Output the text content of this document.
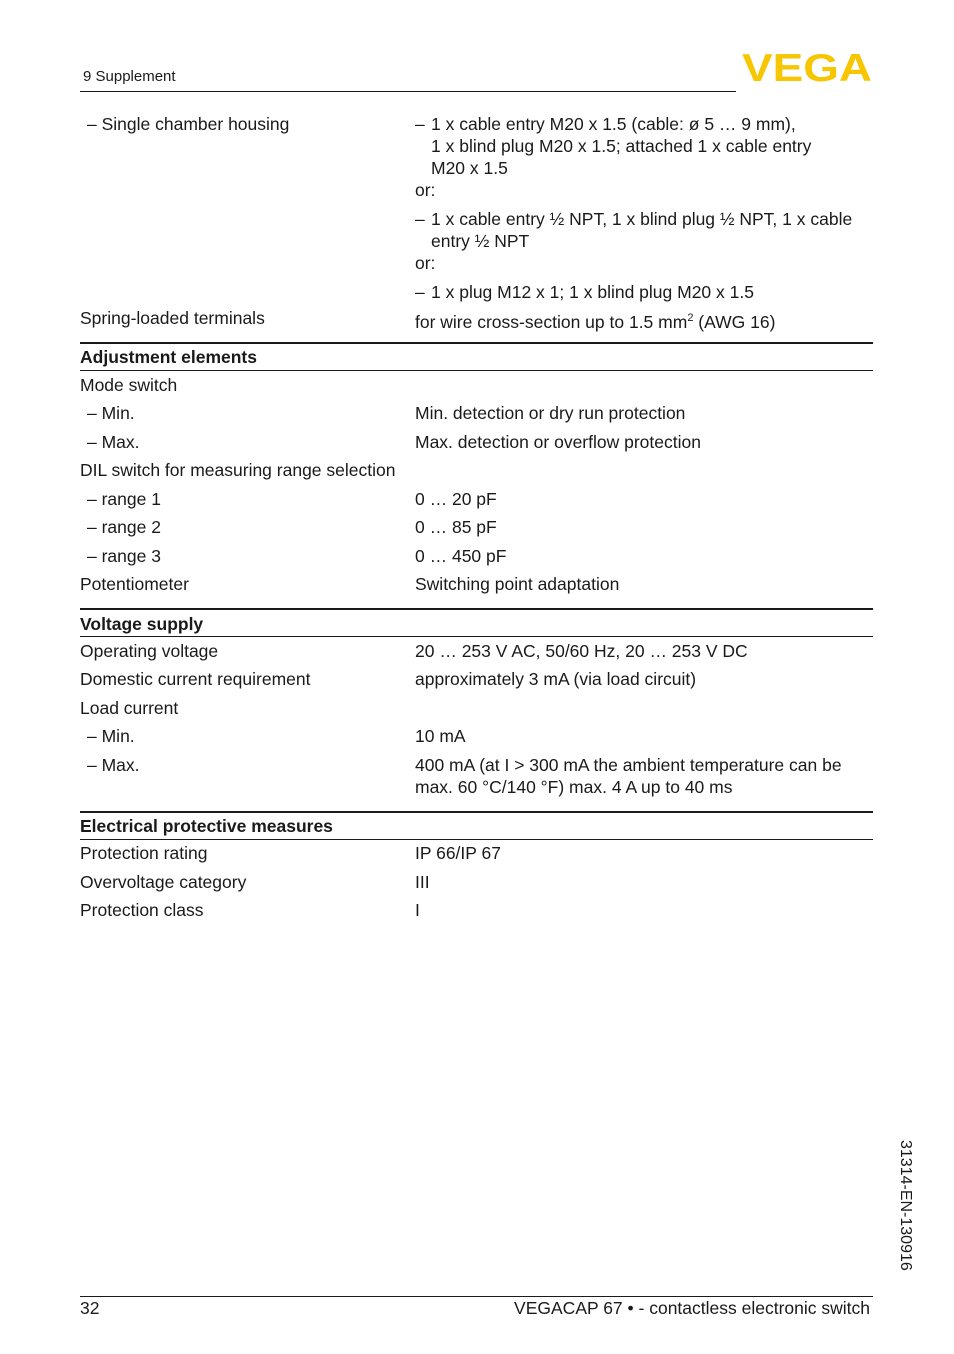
9 Supplement	VEGA
– Single chamber housing	– 1 x cable entry M20 x 1.5 (cable: ø 5 … 9 mm),
1 x blind plug M20 x 1.5; attached 1 x cable entry
M20 x 1.5
or:
– 1 x cable entry ½ NPT, 1 x blind plug ½ NPT, 1 x cable
entry ½ NPT
or:
– 1 x plug M12 x 1; 1 x blind plug M20 x 1.5
Spring-loaded terminals	for wire cross-section up to 1.5 $mm^2$ (AWG 16)
Adjustment elements
Mode switch
– Min.	Min. detection or dry run protection
– Max.	Max. detection or overflow protection
DIL switch for measuring range selection
– range 1	0 … 20 pF
– range 2	0 … 85 pF
– range 3	0 … 450 pF
Potentiometer	Switching point adaptation
Voltage supply
Operating voltage	20 … 253 V AC, 50/60 Hz, 20 … 253 V DC
Domestic current requirement	approximately 3 mA (via load circuit)
Load current
– Min.	10 mA
– Max.	400 mA (at I > 300 mA the ambient temperature can be
max. 60 °C/140 °F) max. 4 A up to 40 ms
Electrical protective measures
Protection rating	IP 66/IP 67
Overvoltage category	III
Protection class	I
31314-EN-130916
32	VEGACAP 67 • - contactless electronic switch
